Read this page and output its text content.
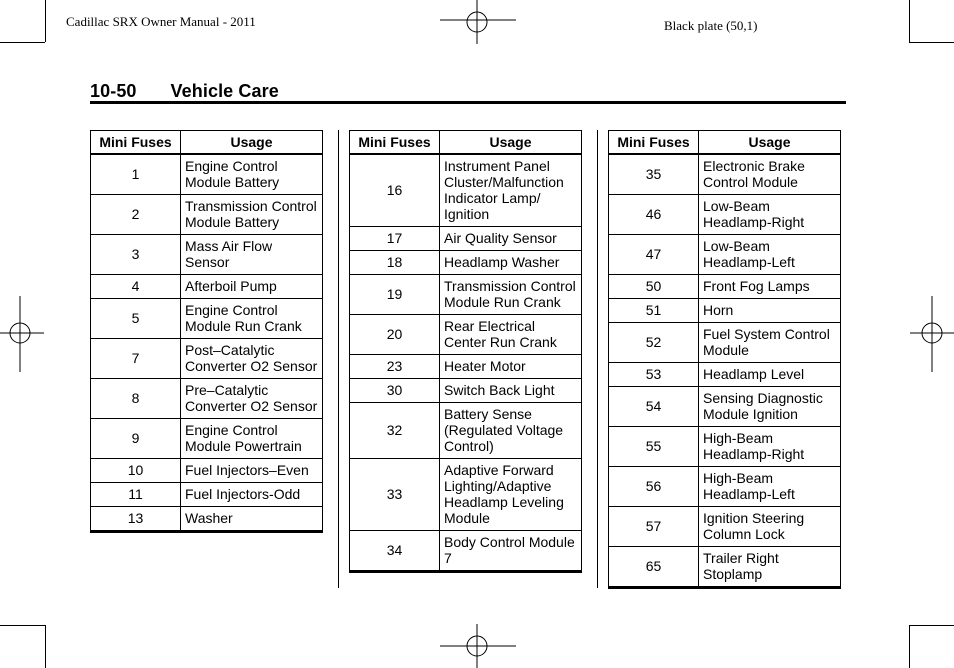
Cadillac SRX Owner Manual - 2011	Black plate (50,1)
10-50 Vehicle Care
Mini Fuses	Usage
1	Engine Control Module Battery
2	Transmission Control Module Battery
3	Mass Air Flow Sensor
4	Afterboil Pump
5	Engine Control Module Run Crank
7	Post–Catalytic Converter O2 Sensor
8	Pre–Catalytic Converter O2 Sensor
9	Engine Control Module Powertrain
10	Fuel Injectors–Even
11	Fuel Injectors-Odd
13	Washer
Mini Fuses	Usage
16	Instrument Panel Cluster/Malfunction Indicator Lamp/ Ignition
17	Air Quality Sensor
18	Headlamp Washer
19	Transmission Control Module Run Crank
20	Rear Electrical Center Run Crank
23	Heater Motor
30	Switch Back Light
32	Battery Sense (Regulated Voltage Control)
33	Adaptive Forward Lighting/Adaptive Headlamp Leveling Module
34	Body Control Module 7
Mini Fuses	Usage
35	Electronic Brake Control Module
46	Low-Beam Headlamp-Right
47	Low-Beam Headlamp-Left
50	Front Fog Lamps
51	Horn
52	Fuel System Control Module
53	Headlamp Level
54	Sensing Diagnostic Module Ignition
55	High-Beam Headlamp-Right
56	High-Beam Headlamp-Left
57	Ignition Steering Column Lock
65	Trailer Right Stoplamp
